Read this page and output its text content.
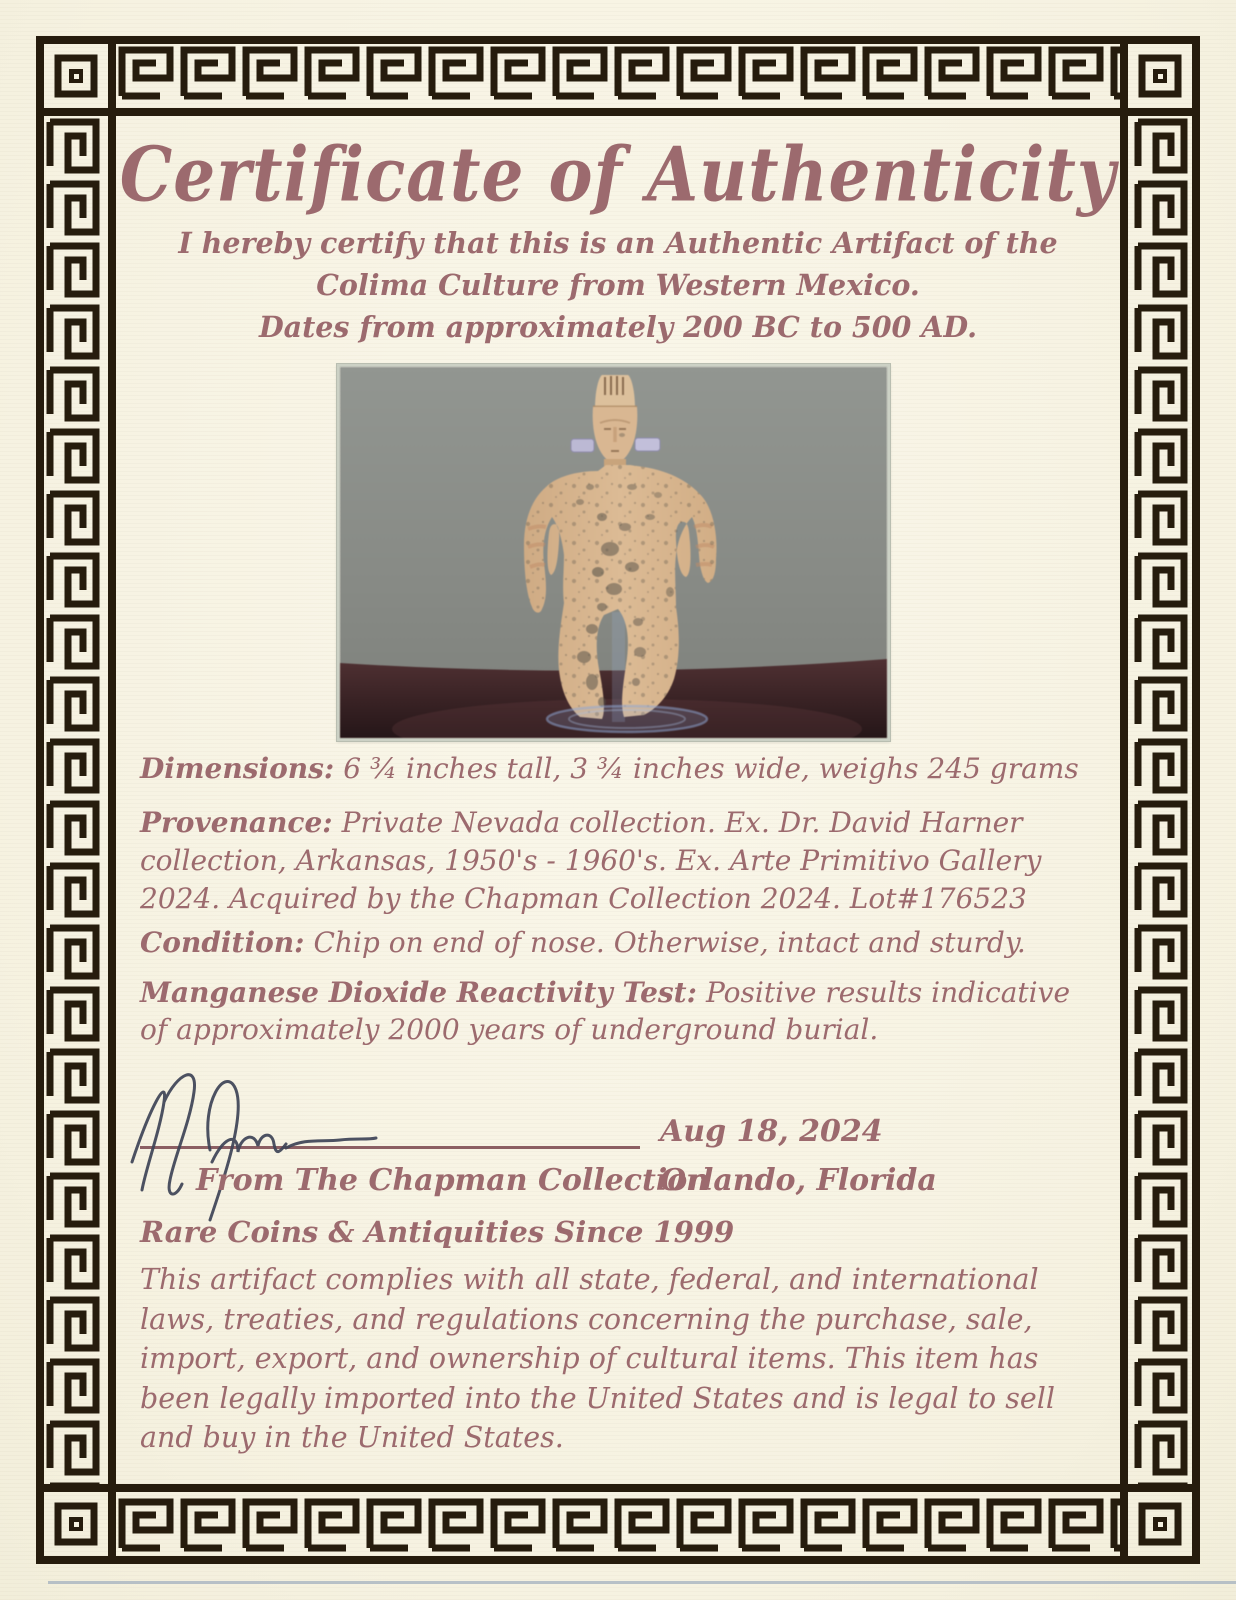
Certificate of Authenticity
I hereby certify that this is an Authentic Artifact of the
Colima Culture from Western Mexico.
Dates from approximately 200 BC to 500 AD.
Dimensions: 6 ¾ inches tall, 3 ¾ inches wide, weighs 245 grams
Provenance: Private Nevada collection. Ex. Dr. David Harner collection, Arkansas, 1950's - 1960's. Ex. Arte Primitivo Gallery 2024. Acquired by the Chapman Collection 2024. Lot#176523
Condition: Chip on end of nose. Otherwise, intact and sturdy.
Manganese Dioxide Reactivity Test: Positive results indicative of approximately 2000 years of underground burial.
Aug 18, 2024
From The Chapman Collection
Orlando, Florida
Rare Coins & Antiquities Since 1999
This artifact complies with all state, federal, and international laws, treaties, and regulations concerning the purchase, sale, import, export, and ownership of cultural items. This item has been legally imported into the United States and is legal to sell and buy in the United States.
